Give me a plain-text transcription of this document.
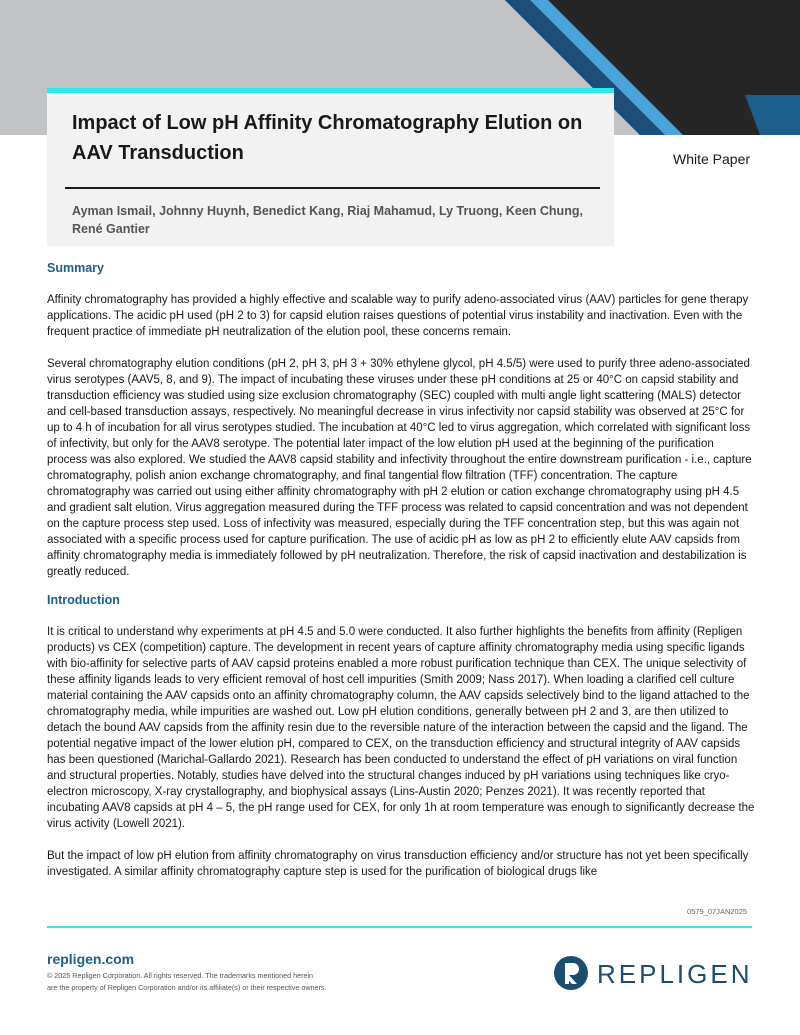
Impact of Low pH Affinity Chromatography Elution on AAV Transduction
Ayman Ismail, Johnny Huynh, Benedict Kang, Riaj Mahamud, Ly Truong, Keen Chung, René Gantier
White Paper
Summary

Affinity chromatography has provided a highly effective and scalable way to purify adeno-associated virus (AAV) particles for gene therapy applications. The acidic pH used (pH 2 to 3) for capsid elution raises questions of potential virus instability and inactivation. Even with the frequent practice of immediate pH neutralization of the elution pool, these concerns remain.

Several chromatography elution conditions (pH 2, pH 3, pH 3 + 30% ethylene glycol, pH 4.5/5) were used to purify three adeno-associated virus serotypes (AAV5, 8, and 9). The impact of incubating these viruses under these pH conditions at 25 or 40°C on capsid stability and transduction efficiency was studied using size exclusion chromatography (SEC) coupled with multi angle light scattering (MALS) detector and cell-based transduction assays, respectively. No meaningful decrease in virus infectivity nor capsid stability was observed at 25°C for up to 4 h of incubation for all virus serotypes studied. The incubation at 40°C led to virus aggregation, which correlated with significant loss of infectivity, but only for the AAV8 serotype. The potential later impact of the low elution pH used at the beginning of the purification process was also explored. We studied the AAV8 capsid stability and infectivity throughout the entire downstream purification - i.e., capture chromatography, polish anion exchange chromatography, and final tangential flow filtration (TFF) concentration. The capture chromatography was carried out using either affinity chromatography with pH 2 elution or cation exchange chromatography using pH 4.5 and gradient salt elution. Virus aggregation measured during the TFF process was related to capsid concentration and was not dependent on the capture process step used. Loss of infectivity was measured, especially during the TFF concentration step, but this was again not associated with a specific process used for capture purification. The use of acidic pH as low as pH 2 to efficiently elute AAV capsids from affinity chromatography media is immediately followed by pH neutralization. Therefore, the risk of capsid inactivation and destabilization is greatly reduced.

Introduction

It is critical to understand why experiments at pH 4.5 and 5.0 were conducted. It also further highlights the benefits from affinity (Repligen products) vs CEX (competition) capture. The development in recent years of capture affinity chromatography media using specific ligands with bio-affinity for selective parts of AAV capsid proteins enabled a more robust purification technique than CEX. The unique selectivity of these affinity ligands leads to very efficient removal of host cell impurities (Smith 2009; Nass 2017). When loading a clarified cell culture material containing the AAV capsids onto an affinity chromatography column, the AAV capsids selectively bind to the ligand attached to the chromatography media, while impurities are washed out. Low pH elution conditions, generally between pH 2 and 3, are then utilized to detach the bound AAV capsids from the affinity resin due to the reversible nature of the interaction between the capsid and the ligand. The potential negative impact of the lower elution pH, compared to CEX, on the transduction efficiency and structural integrity of AAV capsids has been questioned (Marichal-Gallardo 2021). Research has been conducted to understand the effect of pH variations on viral function and structural properties. Notably, studies have delved into the structural changes induced by pH variations using techniques like cryo-electron microscopy, X-ray crystallography, and biophysical assays (Lins-Austin 2020; Penzes 2021). It was recently reported that incubating AAV8 capsids at pH 4 – 5, the pH range used for CEX, for only 1h at room temperature was enough to significantly decrease the virus activity (Lowell 2021).

But the impact of low pH elution from affinity chromatography on virus transduction efficiency and/or structure has not yet been specifically investigated. A similar affinity chromatography capture step is used for the purification of biological drugs like

0579_07JAN2025
repligen.com
© 2025 Repligen Corporation. All rights reserved. The trademarks mentioned herein
are the property of Repligen Corporation and/or its affiliate(s) or their respective owners.	REPLIGEN
